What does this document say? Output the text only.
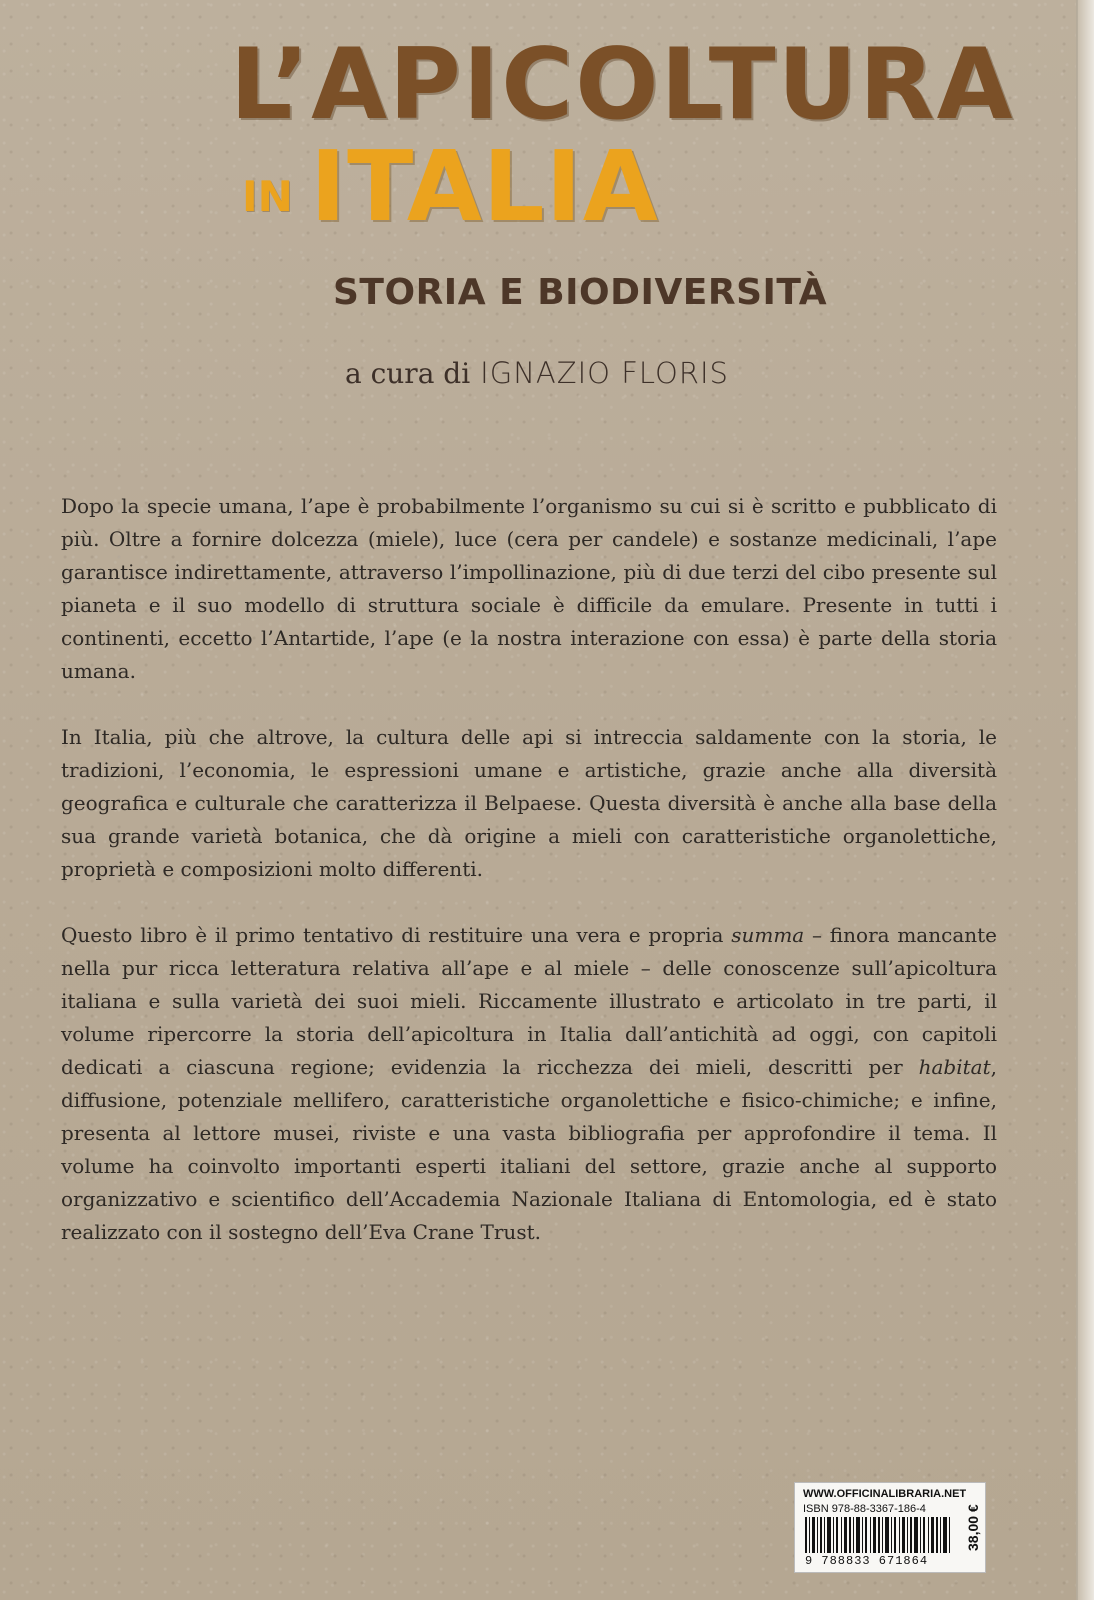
L’APICOLTURA
IN ITALIA
STORIA E BIODIVERSITÀ

a cura di IGNAZIO FLORIS

Dopo la specie umana, l’ape è probabilmente l’organismo su cui si è scritto e pubblicato di più. Oltre a fornire dolcezza (miele), luce (cera per candele) e sostanze medicinali, l’ape garantisce indirettamente, attraverso l’impollinazione, più di due terzi del cibo presente sul pianeta e il suo modello di struttura sociale è difficile da emulare. Presente in tutti i continenti, eccetto l’Antartide, l’ape (e la nostra interazione con essa) è parte della storia umana.

In Italia, più che altrove, la cultura delle api si intreccia saldamente con la storia, le tradizioni, l’economia, le espressioni umane e artistiche, grazie anche alla diversità geografica e culturale che caratterizza il Belpaese. Questa diversità è anche alla base della sua grande varietà botanica, che dà origine a mieli con caratteristiche organolettiche, proprietà e composizioni molto differenti.

Questo libro è il primo tentativo di restituire una vera e propria summa – finora mancante nella pur ricca letteratura relativa all’ape e al miele – delle conoscenze sull’apicoltura italiana e sulla varietà dei suoi mieli. Riccamente illustrato e articolato in tre parti, il volume ripercorre la storia dell’apicoltura in Italia dall’antichità ad oggi, con capitoli dedicati a ciascuna regione; evidenzia la ricchezza dei mieli, descritti per habitat, diffusione, potenziale mellifero, caratteristiche organolettiche e fisico-chimiche; e infine, presenta al lettore musei, riviste e una vasta bibliografia per approfondire il tema. Il volume ha coinvolto importanti esperti italiani del settore, grazie anche al supporto organizzativo e scientifico dell’Accademia Nazionale Italiana di Entomologia, ed è stato realizzato con il sostegno dell’Eva Crane Trust.

WWW.OFFICINALIBRARIA.NET
ISBN 978-88-3367-186-4
9 788833 671864
38,00 €
